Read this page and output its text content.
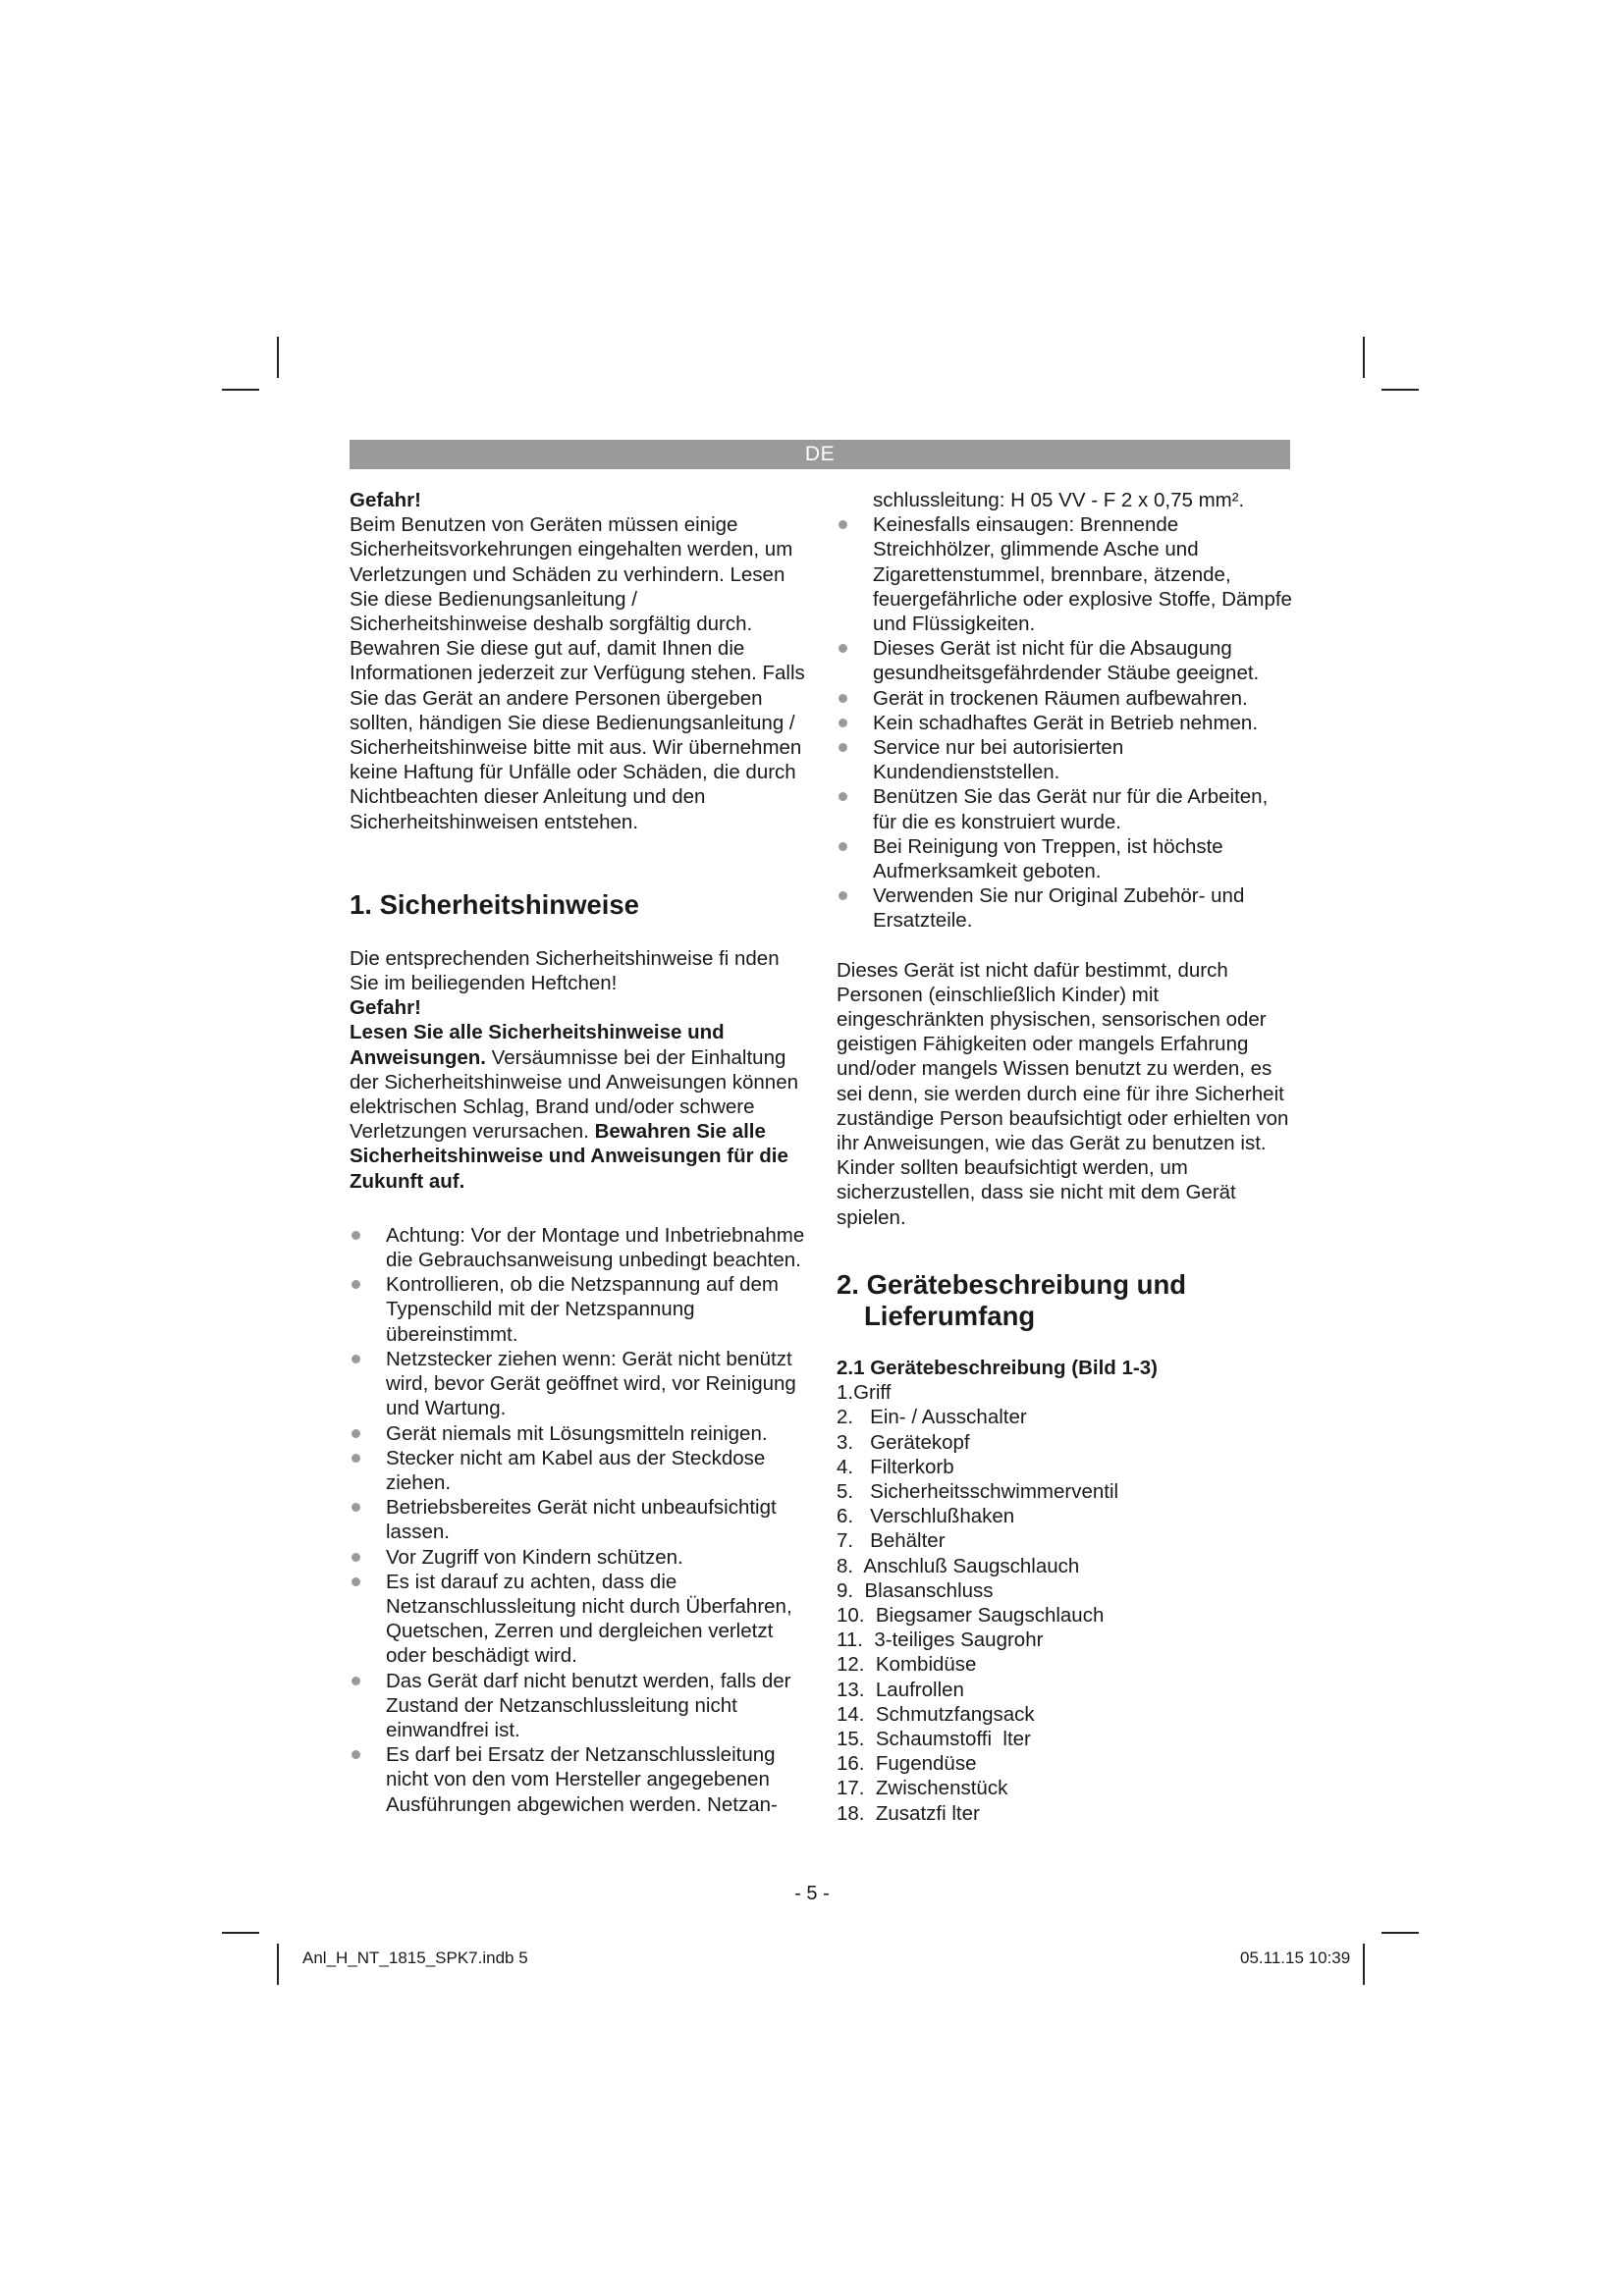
DE

Gefahr!

Beim Benutzen von Geräten müssen einige Sicherheitsvorkehrungen eingehalten werden, um Verletzungen und Schäden zu verhindern. Lesen Sie diese Bedienungsanleitung / Sicherheitshinweise deshalb sorgfältig durch. Bewahren Sie diese gut auf, damit Ihnen die Informationen jederzeit zur Verfügung stehen. Falls Sie das Gerät an andere Personen übergeben sollten, händigen Sie diese Bedienungsanleitung / Sicherheitshinweise bitte mit aus. Wir übernehmen keine Haftung für Unfälle oder Schäden, die durch Nichtbeachten dieser Anleitung und den Sicherheitshinweisen entstehen.

1. Sicherheitshinweise

Die entsprechenden Sicherheitshinweise fi nden Sie im beiliegenden Heftchen!

Gefahr!

Lesen Sie alle Sicherheitshinweise und Anweisungen. Versäumnisse bei der Einhaltung der Sicherheitshinweise und Anweisungen können elektrischen Schlag, Brand und/oder schwere Verletzungen verursachen. Bewahren Sie alle Sicherheitshinweise und Anweisungen für die Zukunft auf.

Achtung: Vor der Montage und Inbetriebnahme die Gebrauchsanweisung unbedingt beachten.
Kontrollieren, ob die Netzspannung auf dem Typenschild mit der Netzspannung übereinstimmt.
Netzstecker ziehen wenn: Gerät nicht benützt wird, bevor Gerät geöffnet wird, vor Reinigung und Wartung.
Gerät niemals mit Lösungsmitteln reinigen.
Stecker nicht am Kabel aus der Steckdose ziehen.
Betriebsbereites Gerät nicht unbeaufsichtigt lassen.
Vor Zugriff von Kindern schützen.
Es ist darauf zu achten, dass die Netzanschlussleitung nicht durch Überfahren, Quetschen, Zerren und dergleichen verletzt oder beschädigt wird.
Das Gerät darf nicht benutzt werden, falls der Zustand der Netzanschlussleitung nicht einwandfrei ist.
Es darf bei Ersatz der Netzanschlussleitung nicht von den vom Hersteller angegebenen Ausführungen abgewichen werden. Netzan-

schlussleitung: H 05 VV - F 2 x 0,75 mm².

Keinesfalls einsaugen: Brennende Streichhölzer, glimmende Asche und Zigarettenstummel, brennbare, ätzende, feuergefährliche oder explosive Stoffe, Dämpfe und Flüssigkeiten.
Dieses Gerät ist nicht für die Absaugung gesundheitsgefährdender Stäube geeignet.
Gerät in trockenen Räumen aufbewahren.
Kein schadhaftes Gerät in Betrieb nehmen.
Service nur bei autorisierten Kundendienststellen.
Benützen Sie das Gerät nur für die Arbeiten, für die es konstruiert wurde.
Bei Reinigung von Treppen, ist höchste Aufmerksamkeit geboten.
Verwenden Sie nur Original Zubehör- und Ersatzteile.

Dieses Gerät ist nicht dafür bestimmt, durch Personen (einschließlich Kinder) mit eingeschränkten physischen, sensorischen oder geistigen Fähigkeiten oder mangels Erfahrung und/oder mangels Wissen benutzt zu werden, es sei denn, sie werden durch eine für ihre Sicherheit zuständige Person beaufsichtigt oder erhielten von ihr Anweisungen, wie das Gerät zu benutzen ist. Kinder sollten beaufsichtigt werden, um sicherzustellen, dass sie nicht mit dem Gerät spielen.

2. Gerätebeschreibung und
Lieferumfang

2.1 Gerätebeschreibung (Bild 1-3)

1.Griff
2.   Ein- / Ausschalter
3.   Gerätekopf
4.   Filterkorb
5.   Sicherheitsschwimmerventil
6.   Verschlußhaken
7.   Behälter
8.  Anschluß Saugschlauch
9.  Blasanschluss
10.  Biegsamer Saugschlauch
11.  3-teiliges Saugrohr
12.  Kombidüse
13.  Laufrollen
14.  Schmutzfangsack
15.  Schaumstoffi  lter
16.  Fugendüse
17.  Zwischenstück
18.  Zusatzfi lter
- 5 -
Anl_H_NT_1815_SPK7.indb 5	05.11.15 10:39
